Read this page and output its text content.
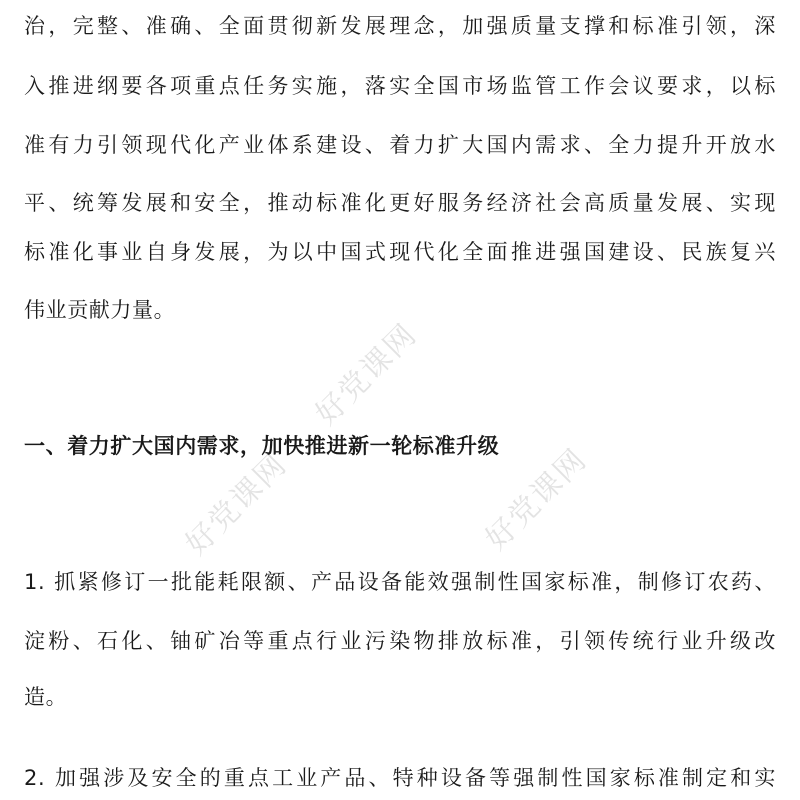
好党课网
好党课网	好党课网
治，完整、准确、全面贯彻新发展理念，加强质量支撑和标准引领，深
入推进纲要各项重点任务实施，落实全国市场监管工作会议要求，以标
准有力引领现代化产业体系建设、着力扩大国内需求、全力提升开放水
平、统筹发展和安全，推动标准化更好服务经济社会高质量发展、实现
标准化事业自身发展，为以中国式现代化全面推进强国建设、民族复兴
伟业贡献力量。
一、着力扩大国内需求，加快推进新一轮标准升级
1. 抓紧修订一批能耗限额、产品设备能效强制性国家标准，制修订农药、
淀粉、石化、铀矿冶等重点行业污染物排放标准，引领传统行业升级改
造。
2. 加强涉及安全的重点工业产品、特种设备等强制性国家标准制定和实
